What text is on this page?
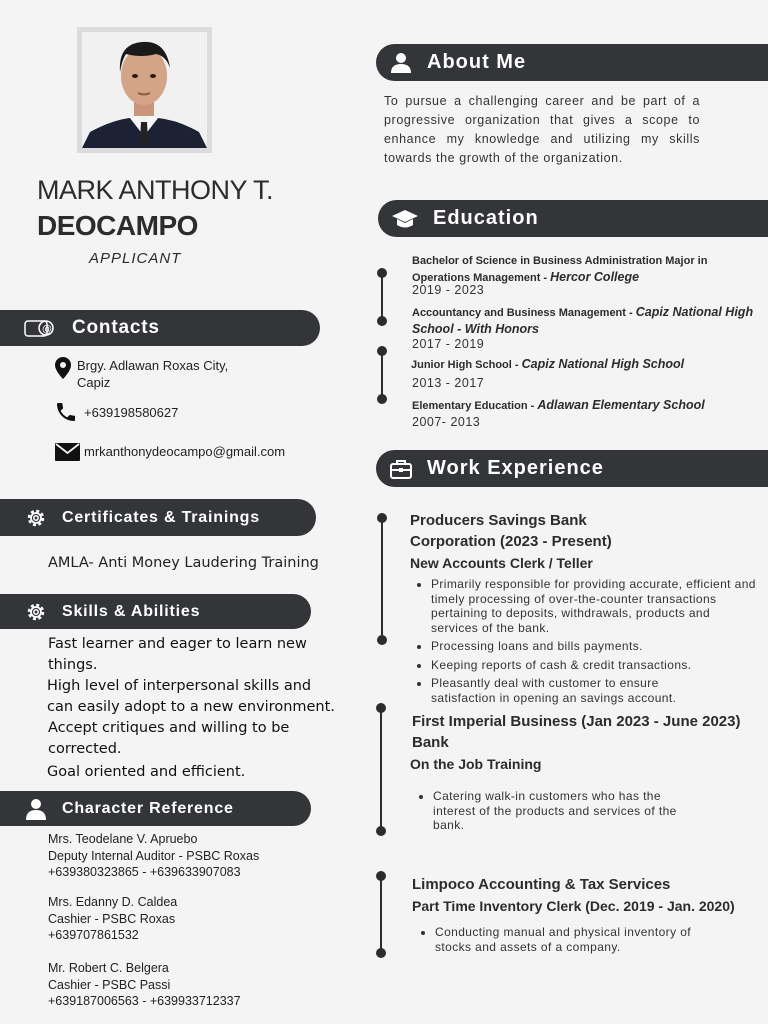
MARK ANTHONY T.
DEOCAMPO
APPLICANT
@ Contacts
Brgy. Adlawan Roxas City,
Capiz
+639198580627
mrkanthonydeocampo@gmail.com
Certificates & Trainings
AMLA- Anti Money Laudering Training
Skills & Abilities
Fast learner and eager to learn new things.
High level of interpersonal skills and can easily adopt to a new environment.
Accept critiques and willing to be corrected.
Goal oriented and efficient.
Character Reference
Mrs. Teodelane V. Apruebo
Deputy Internal Auditor - PSBC Roxas
+639380323865 - +639633907083
Mrs. Edanny D. Caldea
Cashier - PSBC Roxas
+639707861532
Mr. Robert C. Belgera
Cashier - PSBC Passi
+639187006563 - +639933712337
About Me
To pursue a challenging career and be part of a progressive organization that gives a scope to enhance my knowledge and utilizing my skills towards the growth of the organization.
Education
Bachelor of Science in Business Administration Major in Operations Management - Hercor College
2019 - 2023
Accountancy and Business Management - Capiz National High School - With Honors
2017 - 2019
Junior High School - Capiz National High School
2013 - 2017
Elementary Education - Adlawan Elementary School
2007- 2013
Work Experience
Producers Savings Bank
Corporation (2023 - Present)
New Accounts Clerk / Teller
• Primarily responsible for providing accurate, efficient and timely processing of over-the-counter transactions pertaining to deposits, withdrawals, products and services of the bank.
• Processing loans and bills payments.
• Keeping reports of cash & credit transactions.
• Pleasantly deal with customer to ensure satisfaction in opening an savings account.
First Imperial Business (Jan 2023 - June 2023)
Bank
On the Job Training
• Catering walk-in customers who has the interest of the products and services of the bank.
Limpoco Accounting & Tax Services
Part Time Inventory Clerk (Dec. 2019 - Jan. 2020)
• Conducting manual and physical inventory of stocks and assets of a company.
